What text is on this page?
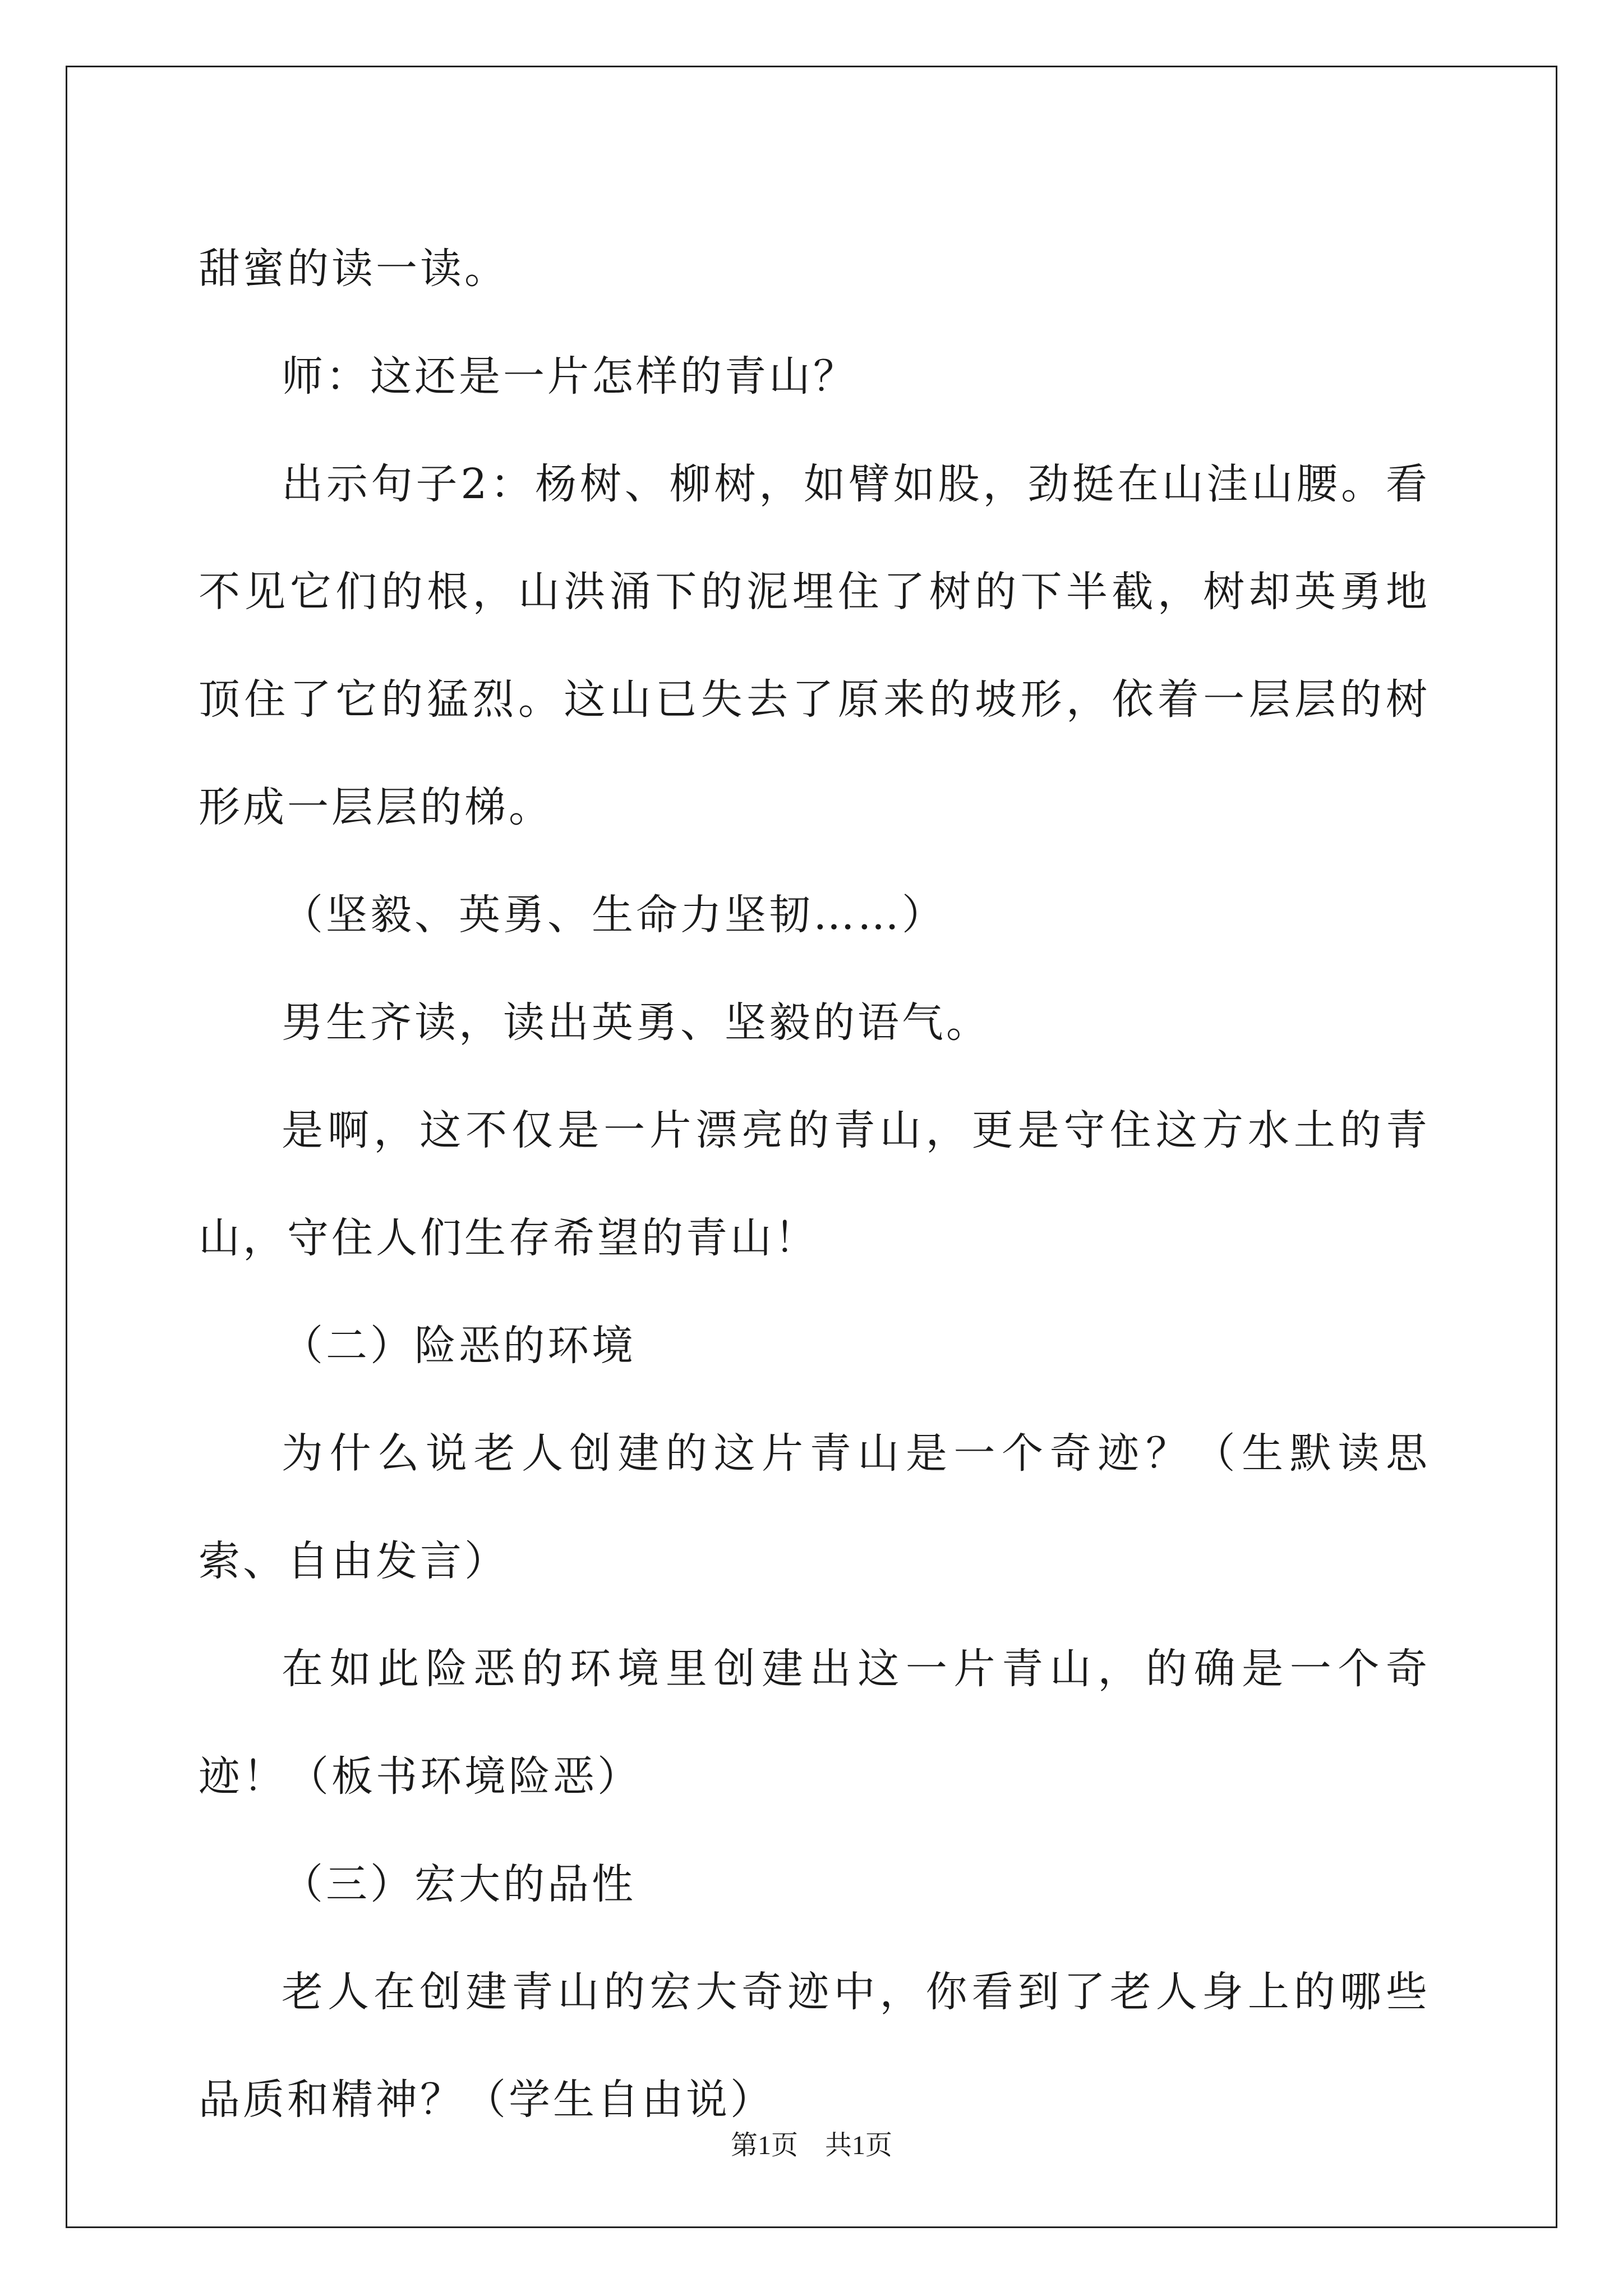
甜蜜的读一读。

师：这还是一片怎样的青山？

出示句子2：杨树、柳树，如臂如股，劲挺在山洼山腰。看不见它们的根，山洪涌下的泥埋住了树的下半截，树却英勇地顶住了它的猛烈。这山已失去了原来的坡形，依着一层层的树形成一层层的梯。

（坚毅、英勇、生命力坚韧……）

男生齐读，读出英勇、坚毅的语气。

是啊，这不仅是一片漂亮的青山，更是守住这方水土的青山，守住人们生存希望的青山！

（二）险恶的环境

为什么说老人创建的这片青山是一个奇迹？（生默读思索、自由发言）

在如此险恶的环境里创建出这一片青山，的确是一个奇迹！（板书环境险恶）

（三）宏大的品性

老人在创建青山的宏大奇迹中，你看到了老人身上的哪些品质和精神？（学生自由说）

第1页　共1页
